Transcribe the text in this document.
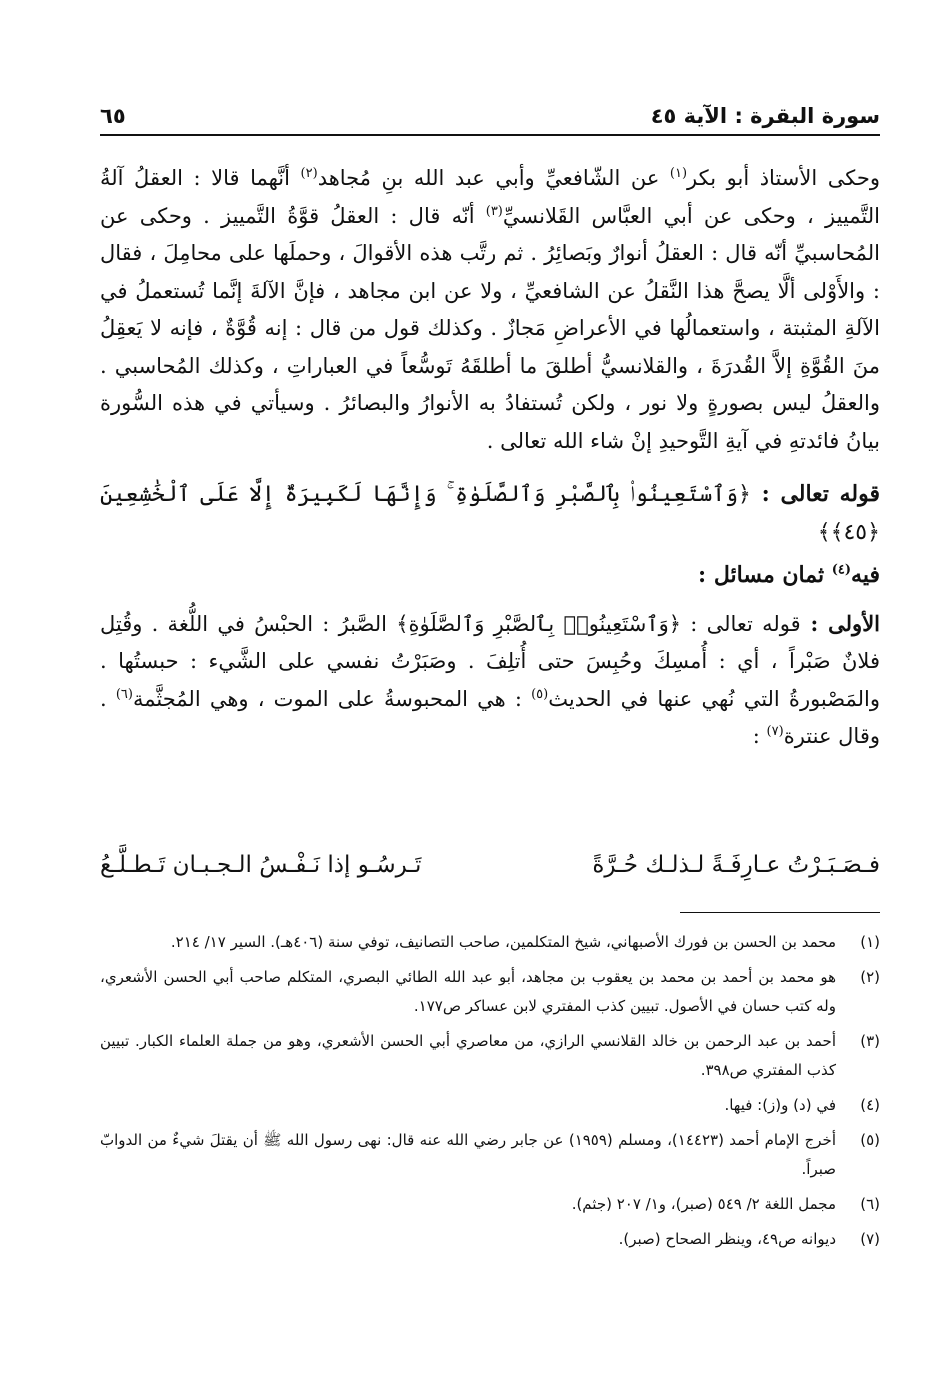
سورة البقرة : الآية ٤٥
٦٥

وحكى الأستاذ أبو بكر$^{(١)}$ عن الشّافعيِّ وأبي عبد الله بنِ مُجاهد$^{(٢)}$ أنَّهما قالا : العقلُ آلةُ التَّمييز ، وحكى عن أبي العبَّاس القَلانسيِّ$^{(٣)}$ أنّه قال : العقلُ قوَّةُ التَّمييز . وحكى عن المُحاسبيِّ أنّه قال : العقلُ أنوارٌ وبَصائِرُ . ثم رتَّب هذه الأقوالَ ، وحملَها على محامِلَ ، فقال : والأَوْلى ألَّا يصحَّ هذا النَّقلُ عن الشافعيِّ ، ولا عن ابن مجاهد ، فإنَّ الآلةَ إنَّما تُستعملُ في الآلةِ المثبتة ، واستعمالُها في الأعراضِ مَجازٌ . وكذلك قول من قال : إنه قُوَّةٌ ، فإنه لا يَعقِلُ منَ القُوَّةِ إلاَّ القُدرَةَ ، والقلانسيُّ أطلقَ ما أطلقَهُ تَوسُّعاً في العباراتِ ، وكذلك المُحاسبي . والعقلُ ليس بصورةٍ ولا نور ، ولكن تُستفادُ به الأنوارُ والبصائرُ . وسيأتي في هذه السُّورة بيانُ فائدتهِ في آيةِ التَّوحيدِ إنْ شاء الله تعالى .

قوله تعالى : ﴿وَٱسْتَعِينُوا۟ بِٱلصَّبْرِ وَٱلصَّلَوٰةِ ۚ وَإِنَّهَا لَكَبِيرَةٌ إِلَّا عَلَى ٱلْخَٰشِعِينَ ﴿٤٥﴾﴾

فيه$^{(٤)}$ ثمان مسائل :

الأولى : قوله تعالى : ﴿وَٱسْتَعِينُوا۟ بِٱلصَّبْرِ وَٱلصَّلَوٰةِ﴾ الصَّبرُ : الحبْسُ في اللُّغة . وقُتِل فلانٌ صَبْراً ، أي : أُمسِكَ وحُبِسَ حتى أُتلِفَ . وصَبَرْتُ نفسي على الشَّيء : حبستُها . والمَصْبورةُ التي نُهي عنها في الحديث$^{(٥)}$ : هي المحبوسةُ على الموت ، وهي المُجثَّمة$^{(٦)}$ . وقال عنترة$^{(٧)}$ :

فـصَـبَـرْتُ عـارِفَـةً لـذلـك حُـرَّةً
تَـرسُـو إذا نَـفْـسُ الـجـبـان تَـطـلَّـعُ
(١)
محمد بن الحسن بن فورك الأصبهاني، شيخ المتكلمين، صاحب التصانيف، توفي سنة (٤٠٦هـ). السير ١٧/ ٢١٤.
(٢)
هو محمد بن أحمد بن محمد بن يعقوب بن مجاهد، أبو عبد الله الطائي البصري، المتكلم صاحب أبي الحسن الأشعري، وله كتب حسان في الأصول. تبيين كذب المفتري لابن عساكر ص١٧٧.
(٣)
أحمد بن عبد الرحمن بن خالد القلانسي الرازي، من معاصري أبي الحسن الأشعري، وهو من جملة العلماء الكبار. تبيين كذب المفتري ص٣٩٨.
(٤)
في (د) و(ز): فيها.
(٥)
أخرج الإمام أحمد (١٤٤٢٣)، ومسلم (١٩٥٩) عن جابر رضي الله عنه قال: نهى رسول الله ﷺ أن يقتلَ شيءٌ من الدوابّ صبراً.
(٦)
مجمل اللغة ٢/ ٥٤٩ (صبر)، و١/ ٢٠٧ (جثم).
(٧)
ديوانه ص٤٩، وينظر الصحاح (صبر).
